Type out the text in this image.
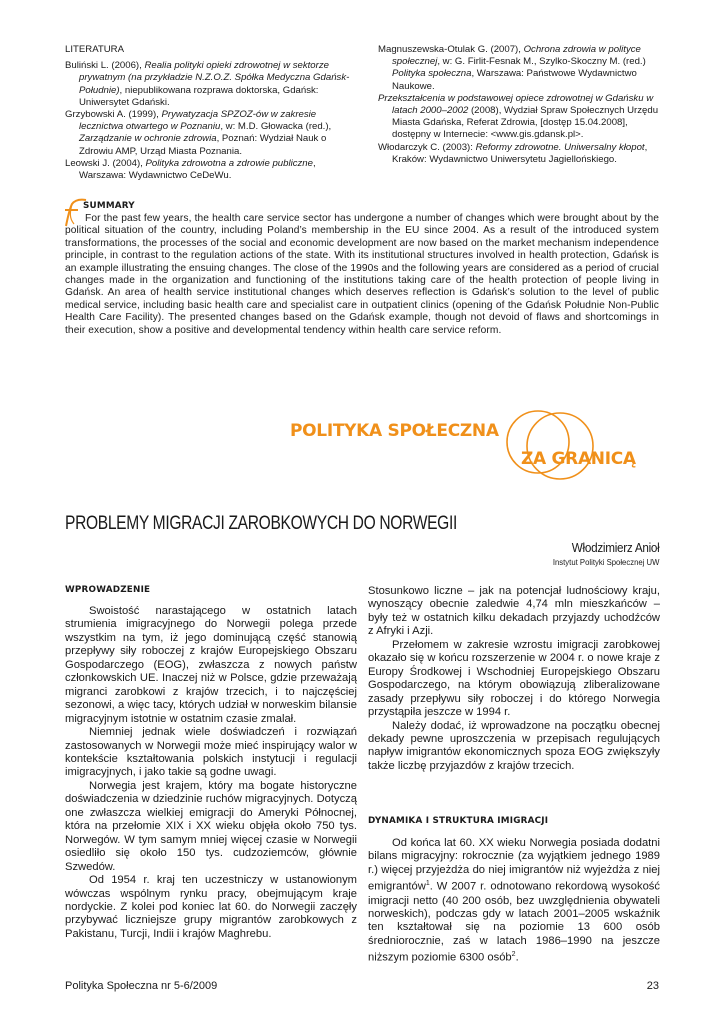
LITERATURA

Buliński L. (2006), Realia polityki opieki zdrowotnej w sektorze prywatnym (na przykładzie N.Z.O.Z. Spółka Medyczna Gdańsk-Południe), niepublikowana rozprawa doktorska, Gdańsk: Uniwersytet Gdański.

Grzybowski A. (1999), Prywatyzacja SPZOZ-ów w zakresie lecznictwa otwartego w Poznaniu, w: M.D. Głowacka (red.), Zarządzanie w ochronie zdrowia, Poznań: Wydział Nauk o Zdrowiu AMP, Urząd Miasta Poznania.

Leowski J. (2004), Polityka zdrowotna a zdrowie publiczne, Warszawa: Wydawnictwo CeDeWu.

Magnuszewska-Otulak G. (2007), Ochrona zdrowia w polityce społecznej, w: G. Firlit-Fesnak M., Szylko-Skoczny M. (red.) Polityka społeczna, Warszawa: Państwowe Wydawnictwo Naukowe.

Przekształcenia w podstawowej opiece zdrowotnej w Gdańsku w latach 2000–2002 (2008), Wydział Spraw Społecznych Urzędu Miasta Gdańska, Referat Zdrowia, [dostęp 15.04.2008], dostępny w Internecie: <www.gis.gdansk.pl>.

Włodarczyk C. (2003): Reformy zdrowotne. Uniwersalny kłopot, Kraków: Wydawnictwo Uniwersytetu Jagiellońskiego.

SUMMARY
For the past few years, the health care service sector has undergone a number of changes which were brought about by the political situation of the country, including Poland’s membership in the EU since 2004. As a result of the introduced system transformations, the processes of the social and economic development are now based on the market mechanism independence principle, in contrast to the regulation actions of the state. With its institutional structures involved in health protection, Gdańsk is an example illustrating the ensuing changes. The close of the 1990s and the following years are considered as a period of crucial changes made in the organization and functioning of the institutions taking care of the health protection of people living in Gdańsk. An area of health service institutional changes which deserves reflection is Gdańsk’s solution to the level of public medical service, including basic health care and specialist care in outpatient clinics (opening of the Gdańsk Południe Non-Public Health Care Facility). The presented changes based on the Gdańsk example, though not devoid of flaws and shortcomings in their execution, show a positive and developmental tendency within health care service reform.
POLITYKA SPOŁECZNA
ZA GRANICĄ
PROBLEMY MIGRACJI ZAROBKOWYCH DO NORWEGII
Włodzimierz Anioł
Instytut Polityki Społecznej UW
WPROWADZENIE

Swoistość narastającego w ostatnich latach strumienia imigracyjnego do Norwegii polega przede wszystkim na tym, iż jego dominującą część stanowią przepływy siły roboczej z krajów Europejskiego Obszaru Gospodarczego (EOG), zwłaszcza z nowych państw członkowskich UE. Inaczej niż w Polsce, gdzie przeważają migranci zarobkowi z krajów trzecich, i to najczęściej sezonowi, a więc tacy, których udział w norweskim bilansie migracyjnym istotnie w ostatnim czasie zmalał.

Niemniej jednak wiele doświadczeń i rozwiązań zastosowanych w Norwegii może mieć inspirujący walor w kontekście kształtowania polskich instytucji i regulacji imigracyjnych, i jako takie są godne uwagi.

Norwegia jest krajem, który ma bogate historyczne doświadczenia w dziedzinie ruchów migracyjnych. Dotyczą one zwłaszcza wielkiej emigracji do Ameryki Północnej, która na przełomie XIX i XX wieku objęła około 750 tys. Norwegów. W tym samym mniej więcej czasie w Norwegii osiedliło się około 150 tys. cudzoziemców, głównie Szwedów.

Od 1954 r. kraj ten uczestniczy w ustanowionym wówczas wspólnym rynku pracy, obejmującym kraje nordyckie. Z kolei pod koniec lat 60. do Norwegii zaczęły przybywać liczniejsze grupy migrantów zarobkowych z Pakistanu, Turcji, Indii i krajów Maghrebu.

Stosunkowo liczne – jak na potencjał ludnościowy kraju, wynoszący obecnie zaledwie 4,74 mln mieszkańców – były też w ostatnich kilku dekadach przyjazdy uchodźców z Afryki i Azji.

Przełomem w zakresie wzrostu imigracji zarobkowej okazało się w końcu rozszerzenie w 2004 r. o nowe kraje z Europy Środkowej i Wschodniej Europejskiego Obszaru Gospodarczego, na którym obowiązują zliberalizowane zasady przepływu siły roboczej i do którego Norwegia przystąpiła jeszcze w 1994 r.

Należy dodać, iż wprowadzone na początku obecnej dekady pewne uproszczenia w przepisach regulujących napływ imigrantów ekonomicznych spoza EOG zwiększyły także liczbę przyjazdów z krajów trzecich.

DYNAMIKA I STRUKTURA IMIGRACJI

Od końca lat 60. XX wieku Norwegia posiada dodatni bilans migracyjny: rokrocznie (za wyjątkiem jednego 1989 r.) więcej przyjeżdża do niej imigrantów niż wyjeżdża z niej emigrantów$^1$. W 2007 r. odnotowano rekordową wysokość imigracji netto (40 200 osób, bez uwzględnienia obywateli norweskich), podczas gdy w latach 2001–2005 wskaźnik ten kształtował się na poziomie 13 600 osób średniorocznie, zaś w latach 1986–1990 na jeszcze niższym poziomie 6300 osób$^2$.

Polityka Społeczna nr 5-6/2009	23
